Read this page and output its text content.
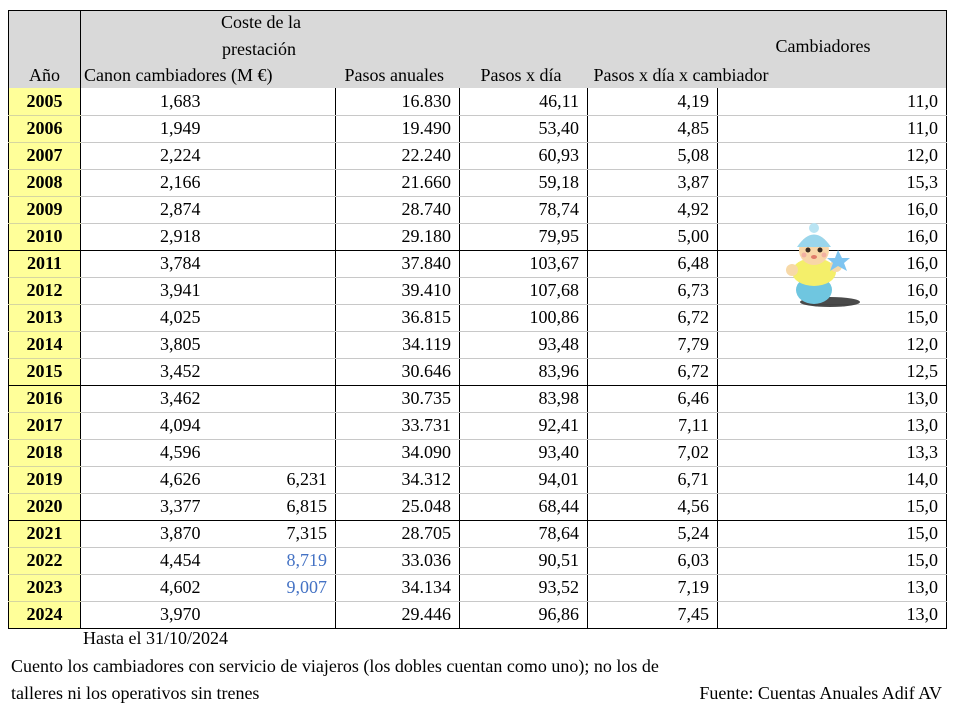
Año	Coste de la
prestación
Canon cambiadores (M €)		Pasos anuales	Pasos x día	Pasos x día x cambiador	Cambiadores

2005	1,683		16.830	46,11	4,19	11,0
2006	1,949		19.490	53,40	4,85	11,0
2007	2,224		22.240	60,93	5,08	12,0
2008	2,166		21.660	59,18	3,87	15,3
2009	2,874		28.740	78,74	4,92	16,0
2010	2,918		29.180	79,95	5,00	16,0
2011	3,784		37.840	103,67	6,48	16,0
2012	3,941		39.410	107,68	6,73	16,0
2013	4,025		36.815	100,86	6,72	15,0
2014	3,805		34.119	93,48	7,79	12,0
2015	3,452		30.646	83,96	6,72	12,5
2016	3,462		30.735	83,98	6,46	13,0
2017	4,094		33.731	92,41	7,11	13,0
2018	4,596		34.090	93,40	7,02	13,3
2019	4,626	6,231	34.312	94,01	6,71	14,0
2020	3,377	6,815	25.048	68,44	4,56	15,0
2021	3,870	7,315	28.705	78,64	5,24	15,0
2022	4,454	8,719	33.036	90,51	6,03	15,0
2023	4,602	9,007	34.134	93,52	7,19	13,0
2024	3,970		29.446	96,86	7,45	13,0
Hasta el 31/10/2024
Cuento los cambiadores con servicio de viajeros (los dobles cuentan como uno); no los de
talleres ni los operativos sin trenes	Fuente: Cuentas Anuales Adif AV
